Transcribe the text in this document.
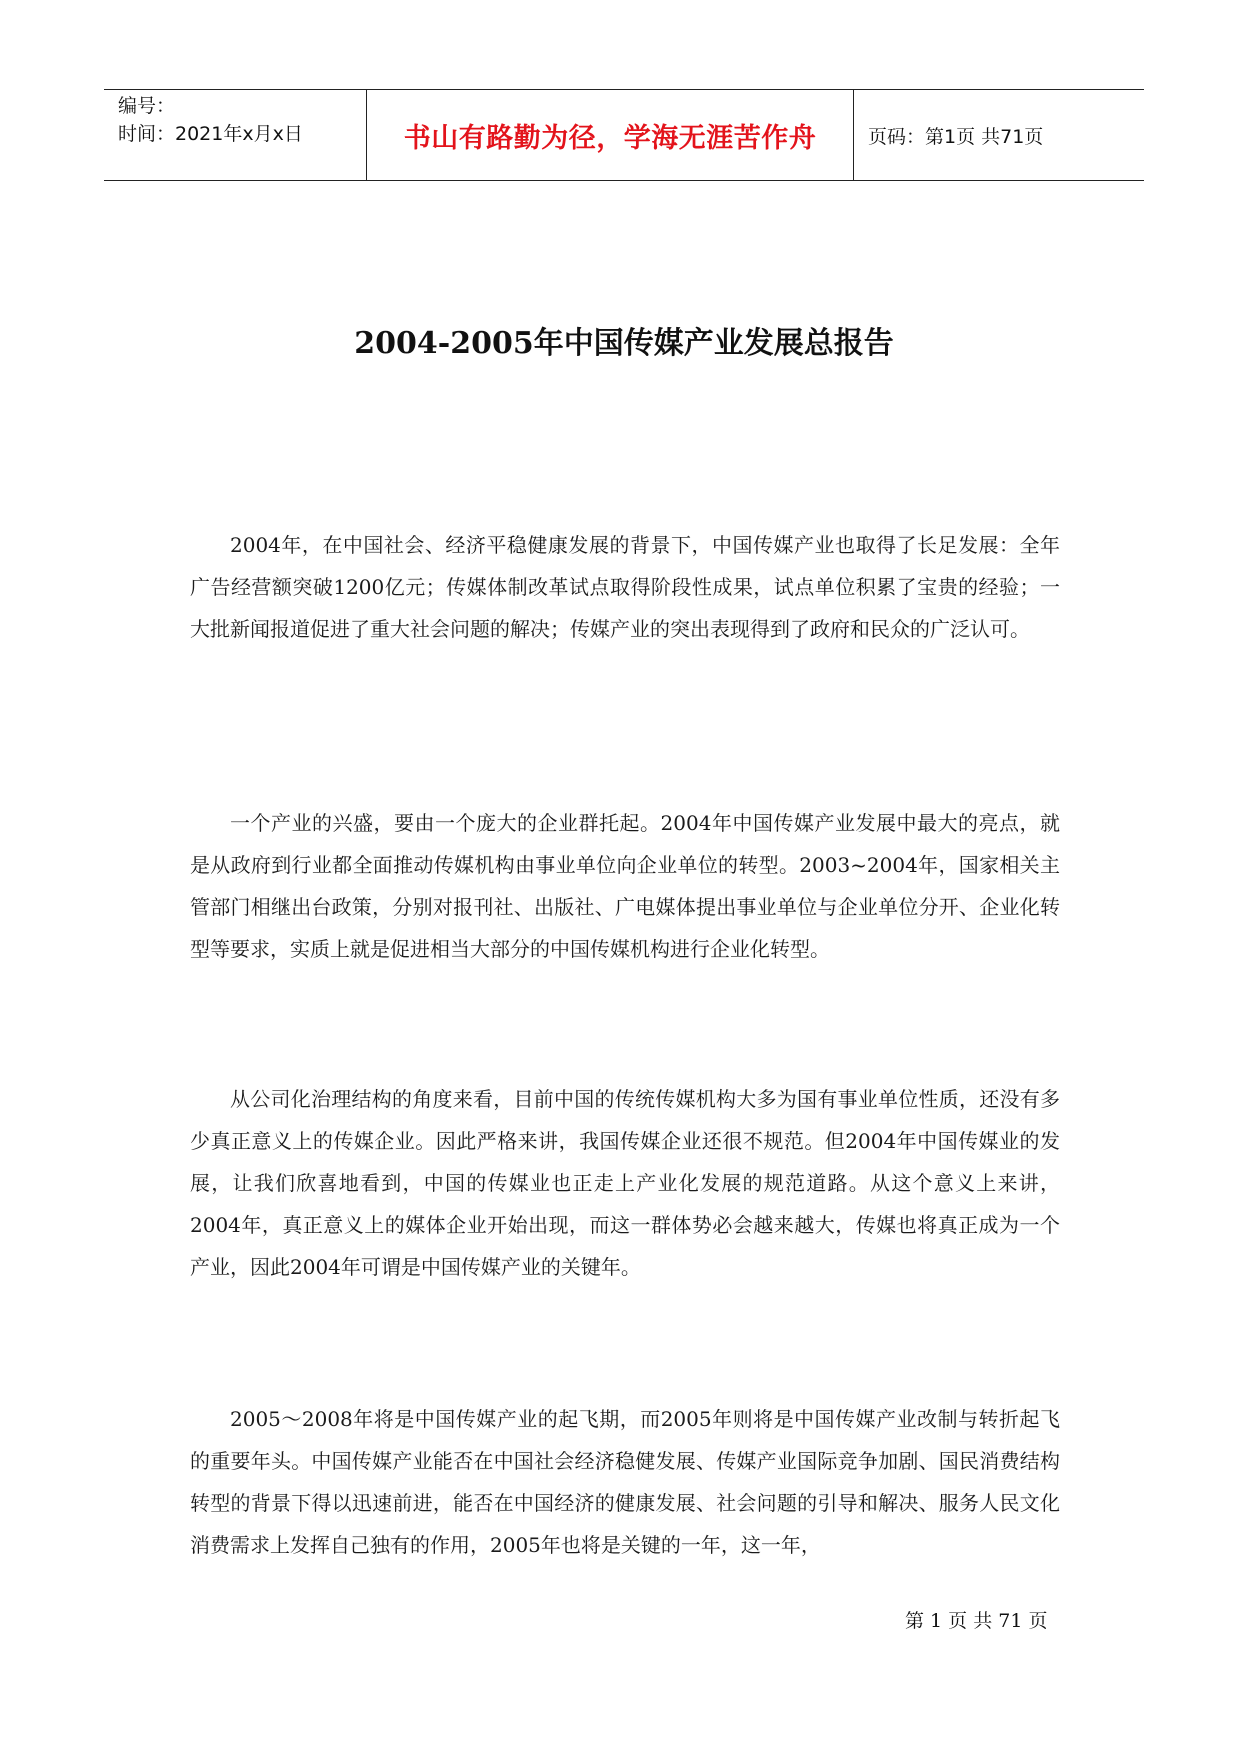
编号：
时间：2021年x月x日	书山有路勤为径，学海无涯苦作舟	页码：第1页 共71页
2004-2005年中国传媒产业发展总报告

2004年，在中国社会、经济平稳健康发展的背景下，中国传媒产业也取得了长足发展：全年广告经营额突破1200亿元；传媒体制改革试点取得阶段性成果，试点单位积累了宝贵的经验；一大批新闻报道促进了重大社会问题的解决；传媒产业的突出表现得到了政府和民众的广泛认可。

一个产业的兴盛，要由一个庞大的企业群托起。2004年中国传媒产业发展中最大的亮点，就是从政府到行业都全面推动传媒机构由事业单位向企业单位的转型。2003~2004年，国家相关主管部门相继出台政策，分别对报刊社、出版社、广电媒体提出事业单位与企业单位分开、企业化转型等要求，实质上就是促进相当大部分的中国传媒机构进行企业化转型。

从公司化治理结构的角度来看，目前中国的传统传媒机构大多为国有事业单位性质，还没有多少真正意义上的传媒企业。因此严格来讲，我国传媒企业还很不规范。但2004年中国传媒业的发展，让我们欣喜地看到，中国的传媒业也正走上产业化发展的规范道路。从这个意义上来讲，2004年，真正意义上的媒体企业开始出现，而这一群体势必会越来越大，传媒也将真正成为一个产业，因此2004年可谓是中国传媒产业的关键年。

2005～2008年将是中国传媒产业的起飞期，而2005年则将是中国传媒产业改制与转折起飞的重要年头。中国传媒产业能否在中国社会经济稳健发展、传媒产业国际竞争加剧、国民消费结构转型的背景下得以迅速前进，能否在中国经济的健康发展、社会问题的引导和解决、服务人民文化消费需求上发挥自己独有的作用，2005年也将是关键的一年，这一年，

第 1 页 共 71 页
